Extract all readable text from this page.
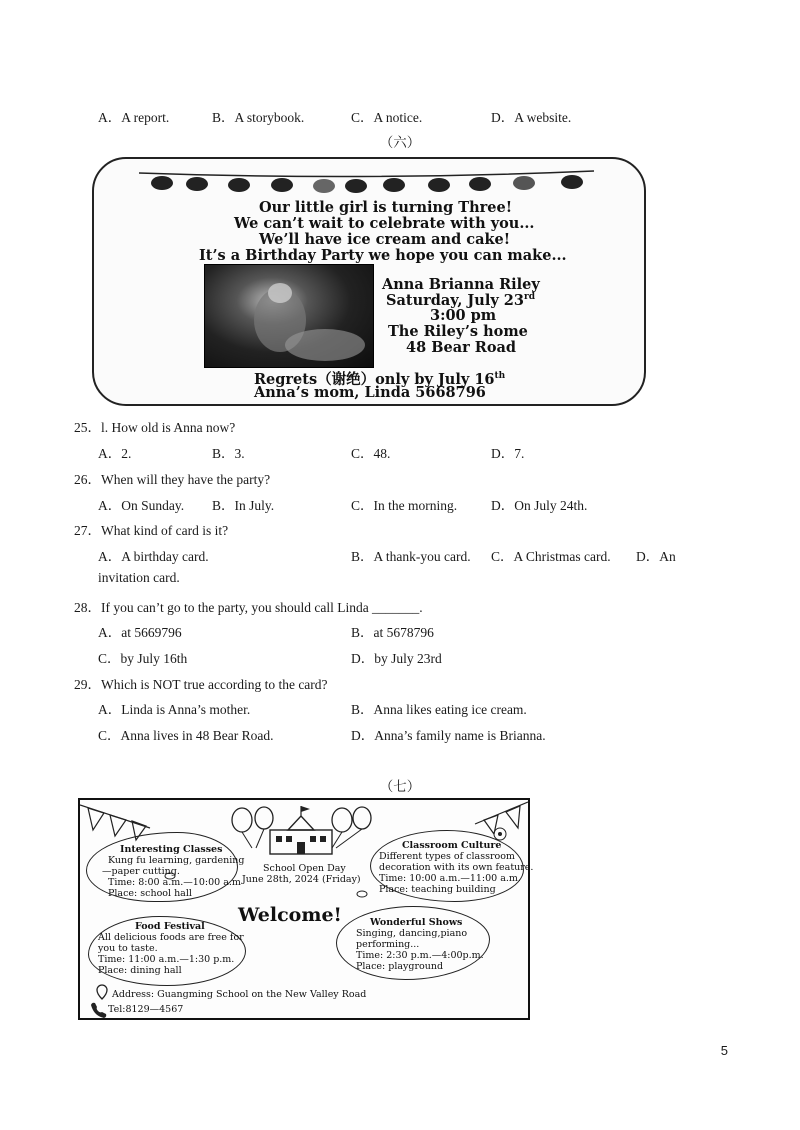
A．A report.	B．A storybook.	C．A notice.	D．A website.
（六）
Our little girl is turning Three!
We can’t wait to celebrate with you...
We’ll have ice cream and cake!
It’s a Birthday Party we hope you can make...
Anna Brianna Riley
Saturday, July 23rd
3:00 pm
The Riley’s home
48 Bear Road
Regrets（谢绝）only by July 16th
Anna’s mom, Linda 5668796
25．l. How old is Anna now?
A．2.	B．3.	C．48.	D．7.
26．When will they have the party?
A．On Sunday. B．In July.	C．In the morning.	D．On July 24th.
27．What kind of card is it?
A．A birthday card.	B．A thank-you card. C．A Christmas card. D．An
invitation card.
28．If you can’t go to the party, you should call Linda _______.
A．at 5669796	B．at 5678796
C．by July 16th	D．by July 23rd
29．Which is NOT true according to the card?
A．Linda is Anna’s mother.	B．Anna likes eating ice cream.
C．Anna lives in 48 Bear Road.	D．Anna’s family name is Brianna.
（七）
Interesting Classes
Kung fu learning, gardening
—paper cutting.
Time: 8:00 a.m.—10:00 a.m
Place: school hall
School Open Day
June 28th, 2024 (Friday)
Classroom Culture
Different types of classroom
decoration with its own feature.
Time: 10:00 a.m.—11:00 a.m.
Place: teaching building
Welcome!
Food Festival
All delicious foods are free for
you to taste.
Time: 11:00 a.m.—1:30 p.m.
Place: dining hall
Wonderful Shows
Singing, dancing,piano
performing...
Time: 2:30 p.m.—4:00p.m.
Place: playground
Address: Guangming School on the New Valley Road
Tel:8129—4567
5
